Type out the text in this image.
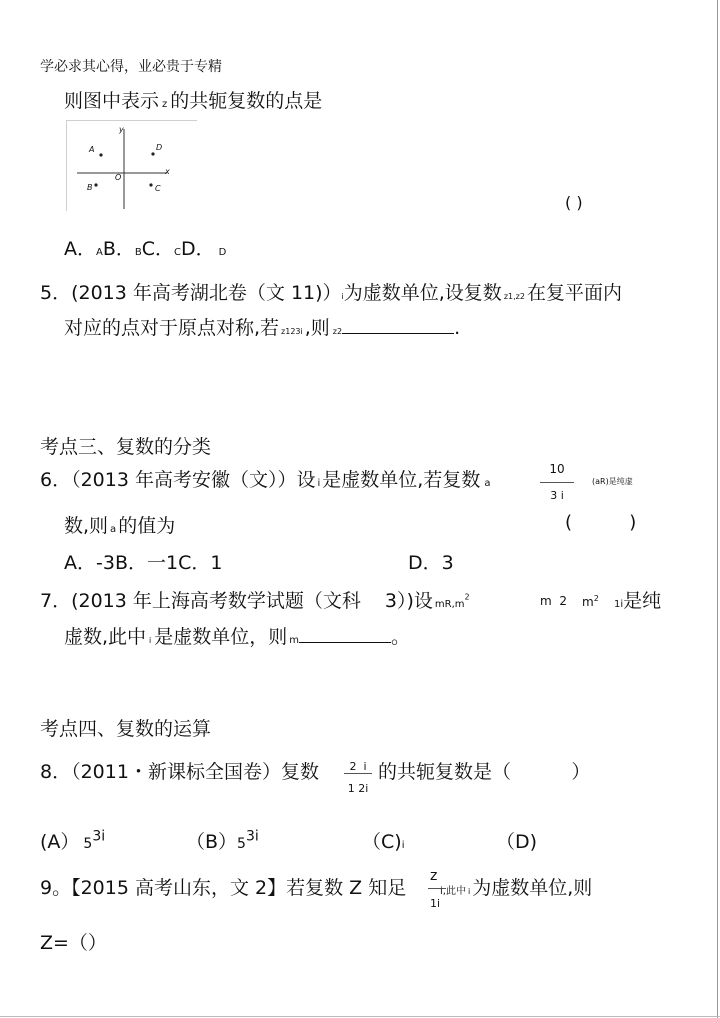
学必求其心得，业必贵于专精
则图中表示 z 的共轭复数的点是
y
x
O
A	D
B	C
( )
A．AB．BC．CD． D
5．(2013 年高考湖北卷（文 11)）i为虚数单位,设复数 z1,z2 在复平面内
对应的点对于原点对称,若 z123i ,则 z2	.
考点三、复数的分类
6．（2013 年高考安徽（文））设 i 是虚数单位,若复数 a
10
3 i
(aR)是纯虚
数,则 a 的值为	(          )
A．-3B．一1C．1	D．3
7．(2013 年上海高考数学试题（文科 3）)设 $mR,m^2$	m  2 $m^2$
1i是纯
虚数,此中 i 是虚数单位，则 m	。
考点四、复数的运算
8．（2011・新课标全国卷）复数	2  i
1 2i
的共轭复数是（          ）
(A） $5^{3i}$	$(B)5^{3i}$	（C)i	（D)
9。【2015 高考山东，文 2】若复数 Z 知足
z
1i
i,此中 i 为虚数单位,则
Z=（）
